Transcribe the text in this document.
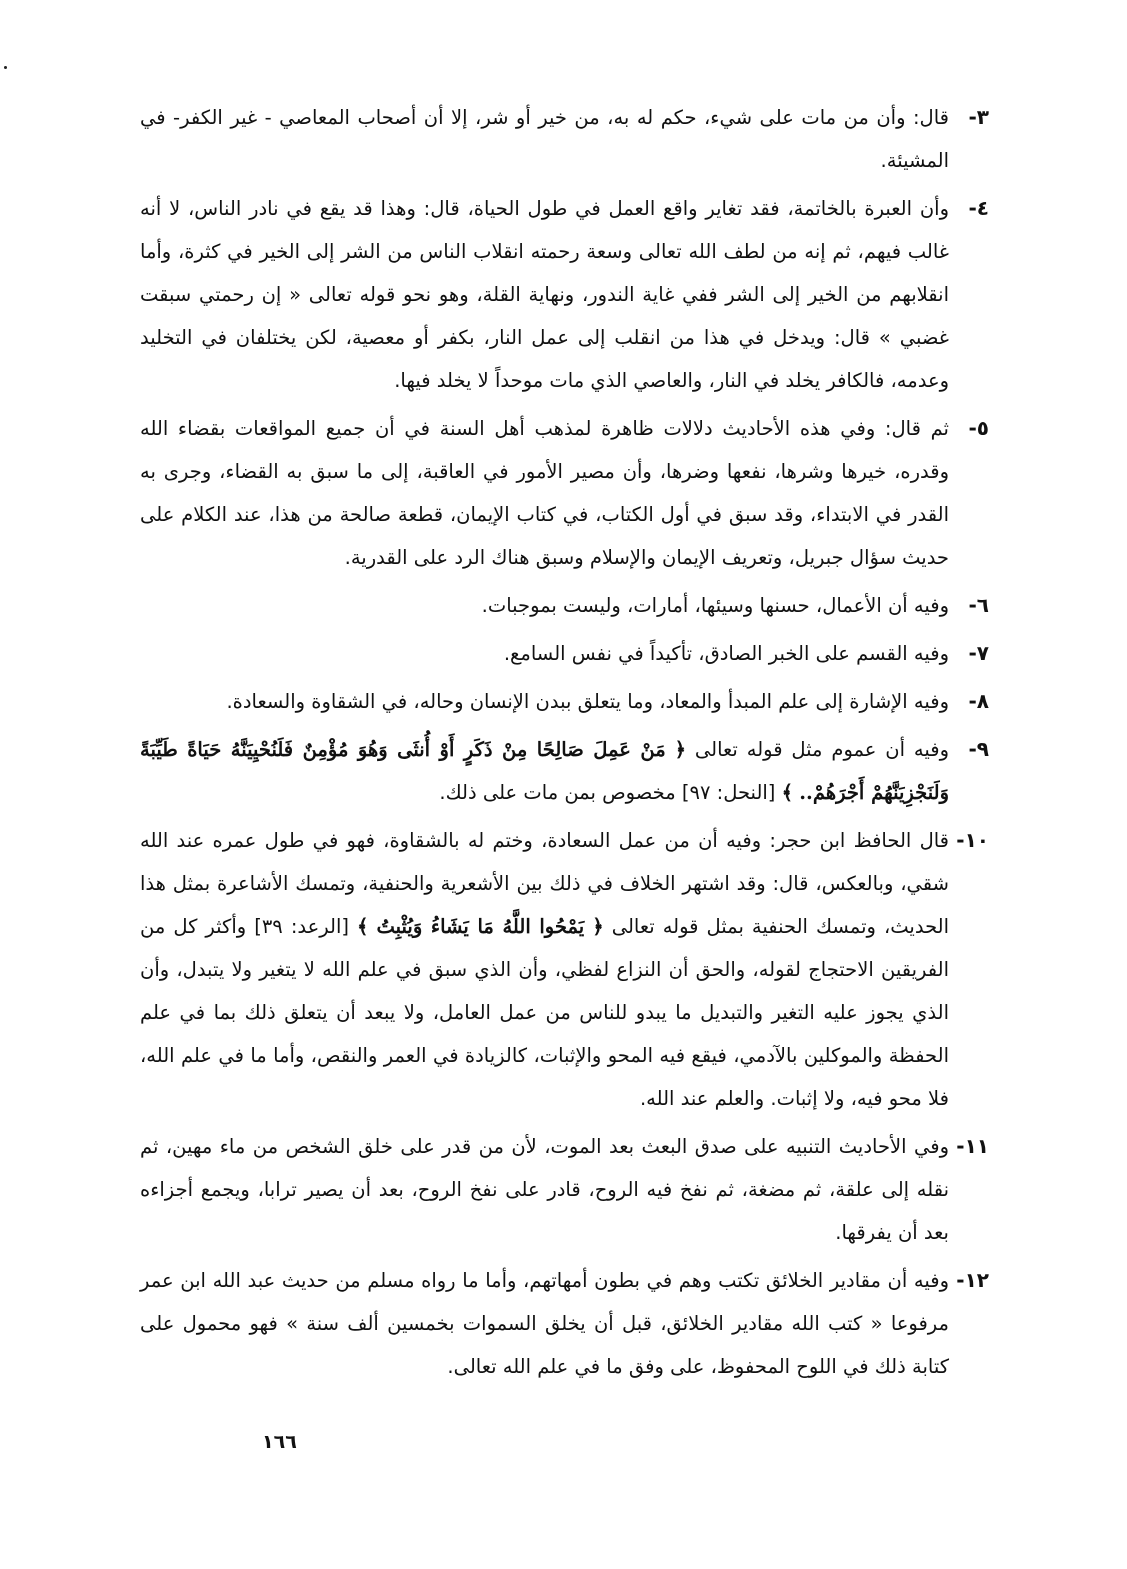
٣-
قال: وأن من مات على شيء، حكم له به، من خير أو شر، إلا أن أصحاب المعاصي - غير الكفر- في المشيئة.
٤-
وأن العبرة بالخاتمة، فقد تغاير واقع العمل في طول الحياة، قال: وهذا قد يقع في نادر الناس، لا أنه غالب فيهم، ثم إنه من لطف الله تعالى وسعة رحمته انقلاب الناس من الشر إلى الخير في كثرة، وأما انقلابهم من الخير إلى الشر ففي غاية الندور، ونهاية القلة، وهو نحو قوله تعالى « إن رحمتي سبقت غضبي » قال: ويدخل في هذا من انقلب إلى عمل النار، بكفر أو معصية، لكن يختلفان في التخليد وعدمه، فالكافر يخلد في النار، والعاصي الذي مات موحداً لا يخلد فيها.
٥-
ثم قال: وفي هذه الأحاديث دلالات ظاهرة لمذهب أهل السنة في أن جميع المواقعات بقضاء الله وقدره، خيرها وشرها، نفعها وضرها، وأن مصير الأمور في العاقبة، إلى ما سبق به القضاء، وجرى به القدر في الابتداء، وقد سبق في أول الكتاب، في كتاب الإيمان، قطعة صالحة من هذا، عند الكلام على حديث سؤال جبريل، وتعريف الإيمان والإسلام وسبق هناك الرد على القدرية.
٦-
وفيه أن الأعمال، حسنها وسيئها، أمارات، وليست بموجبات.
٧-
وفيه القسم على الخبر الصادق، تأكيداً في نفس السامع.
٨-
وفيه الإشارة إلى علم المبدأ والمعاد، وما يتعلق ببدن الإنسان وحاله، في الشقاوة والسعادة.
٩-
وفيه أن عموم مثل قوله تعالى ﴿ مَنْ عَمِلَ صَالِحًا مِنْ ذَكَرٍ أَوْ أُنثَى وَهُوَ مُؤْمِنٌ فَلَنُحْيِيَنَّهُ حَيَاةً طَيِّبَةً وَلَنَجْزِيَنَّهُمْ أَجْرَهُمْ.. ﴾ [النحل: ٩٧] مخصوص بمن مات على ذلك.
١٠-
قال الحافظ ابن حجر: وفيه أن من عمل السعادة، وختم له بالشقاوة، فهو في طول عمره عند الله شقي، وبالعكس، قال: وقد اشتهر الخلاف في ذلك بين الأشعرية والحنفية، وتمسك الأشاعرة بمثل هذا الحديث، وتمسك الحنفية بمثل قوله تعالى ﴿ يَمْحُوا اللَّهُ مَا يَشَاءُ وَيُثْبِتُ ﴾ [الرعد: ٣٩] وأكثر كل من الفريقين الاحتجاج لقوله، والحق أن النزاع لفظي، وأن الذي سبق في علم الله لا يتغير ولا يتبدل، وأن الذي يجوز عليه التغير والتبديل ما يبدو للناس من عمل العامل، ولا يبعد أن يتعلق ذلك بما في علم الحفظة والموكلين بالآدمي، فيقع فيه المحو والإثبات، كالزيادة في العمر والنقص، وأما ما في علم الله، فلا محو فيه، ولا إثبات. والعلم عند الله.
١١-
وفي الأحاديث التنبيه على صدق البعث بعد الموت، لأن من قدر على خلق الشخص من ماء مهين، ثم نقله إلى علقة، ثم مضغة، ثم نفخ فيه الروح، قادر على نفخ الروح، بعد أن يصير ترابا، ويجمع أجزاءه بعد أن يفرقها.
١٢-
وفيه أن مقادير الخلائق تكتب وهم في بطون أمهاتهم، وأما ما رواه مسلم من حديث عبد الله ابن عمر مرفوعا « كتب الله مقادير الخلائق، قبل أن يخلق السموات بخمسين ألف سنة » فهو محمول على كتابة ذلك في اللوح المحفوظ، على وفق ما في علم الله تعالى.
١٦٦
